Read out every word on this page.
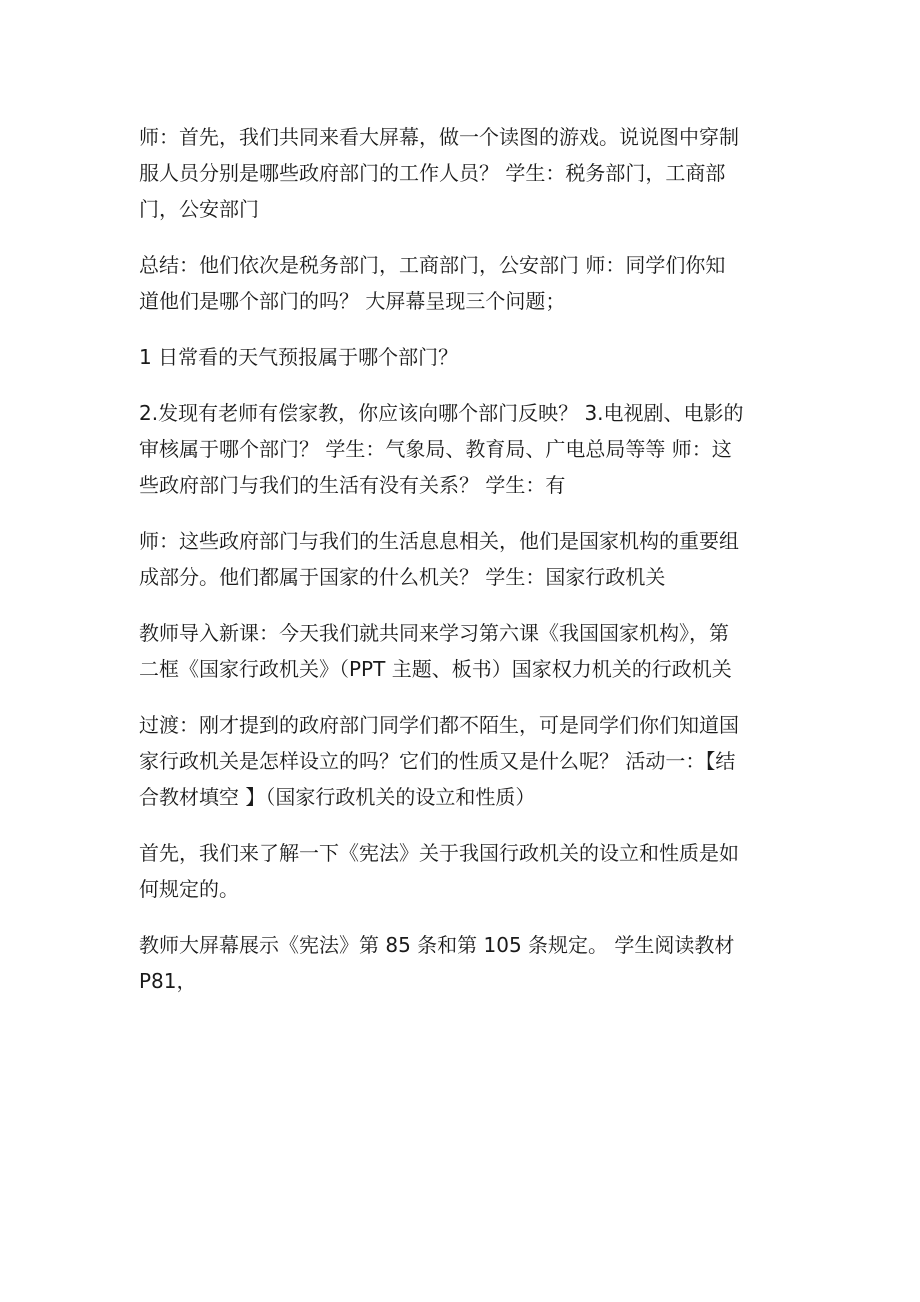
师：首先，我们共同来看大屏幕，做一个读图的游戏。说说图中穿制
服人员分别是哪些政府部门的工作人员？ 学生：税务部门，工商部
门，公安部门

总结：他们依次是税务部门，工商部门，公安部门 师：同学们你知
道他们是哪个部门的吗？ 大屏幕呈现三个问题；

1 日常看的天气预报属于哪个部门？

2.发现有老师有偿家教，你应该向哪个部门反映？ 3.电视剧、电影的
审核属于哪个部门？ 学生：气象局、教育局、广电总局等等 师：这
些政府部门与我们的生活有没有关系？ 学生：有

师：这些政府部门与我们的生活息息相关，他们是国家机构的重要组
成部分。他们都属于国家的什么机关？ 学生：国家行政机关

教师导入新课：今天我们就共同来学习第六课《我国国家机构》，第
二框《国家行政机关》（PPT 主题、板书）国家权力机关的行政机关

过渡：刚才提到的政府部门同学们都不陌生，可是同学们你们知道国
家行政机关是怎样设立的吗？它们的性质又是什么呢？ 活动一：【结
合教材填空 】（国家行政机关的设立和性质）

首先，我们来了解一下《宪法》关于我国行政机关的设立和性质是如
何规定的。

教师大屏幕展示《宪法》第 85 条和第 105 条规定。 学生阅读教材
P81，
